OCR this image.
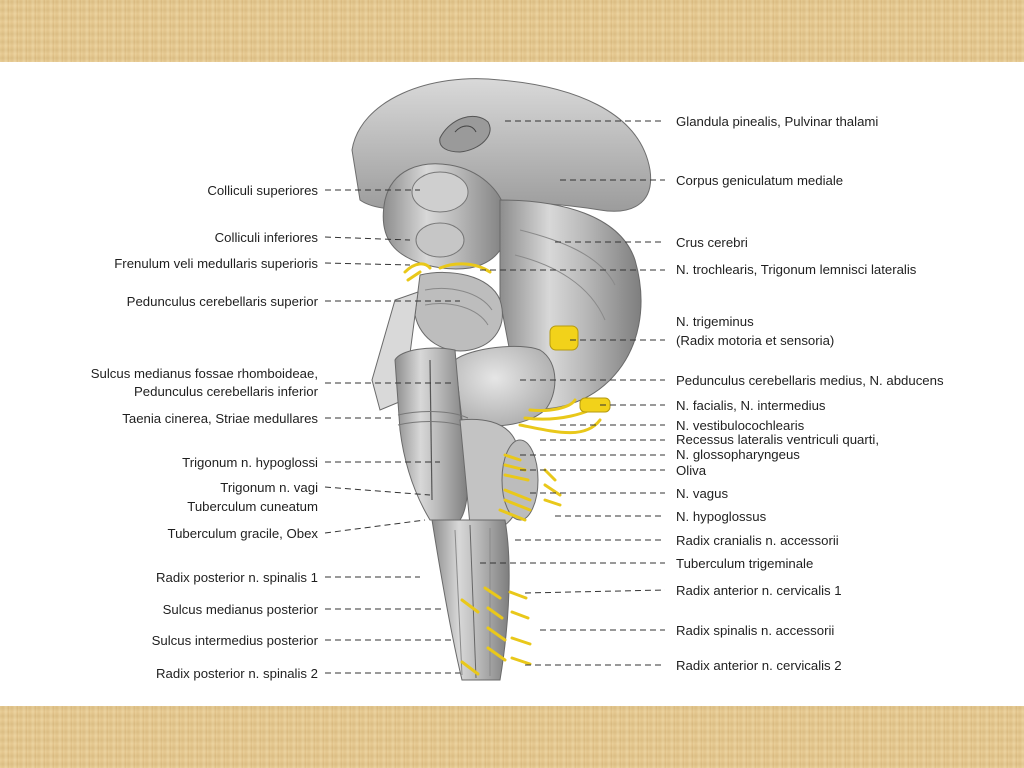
Colliculi superiores
Colliculi inferiores
Frenulum veli medullaris superioris
Pedunculus cerebellaris superior
Sulcus medianus fossae rhomboideae,
Pedunculus cerebellaris inferior
Taenia cinerea, Striae medullares
Trigonum n. hypoglossi
Trigonum n. vagi
Tuberculum cuneatum
Tuberculum gracile, Obex
Radix posterior n. spinalis 1
Sulcus medianus posterior
Sulcus intermedius posterior
Radix posterior n. spinalis 2
Glandula pinealis, Pulvinar thalami
Corpus geniculatum mediale
Crus cerebri
N. trochlearis, Trigonum lemnisci lateralis
N. trigeminus
(Radix motoria et sensoria)
Pedunculus cerebellaris medius, N. abducens
N. facialis, N. intermedius
N. vestibulocochlearis
Recessus lateralis ventriculi quarti,
N. glossopharyngeus
Oliva
N. vagus
N. hypoglossus
Radix cranialis n. accessorii
Tuberculum trigeminale
Radix anterior n. cervicalis 1
Radix spinalis n. accessorii
Radix anterior n. cervicalis 2
